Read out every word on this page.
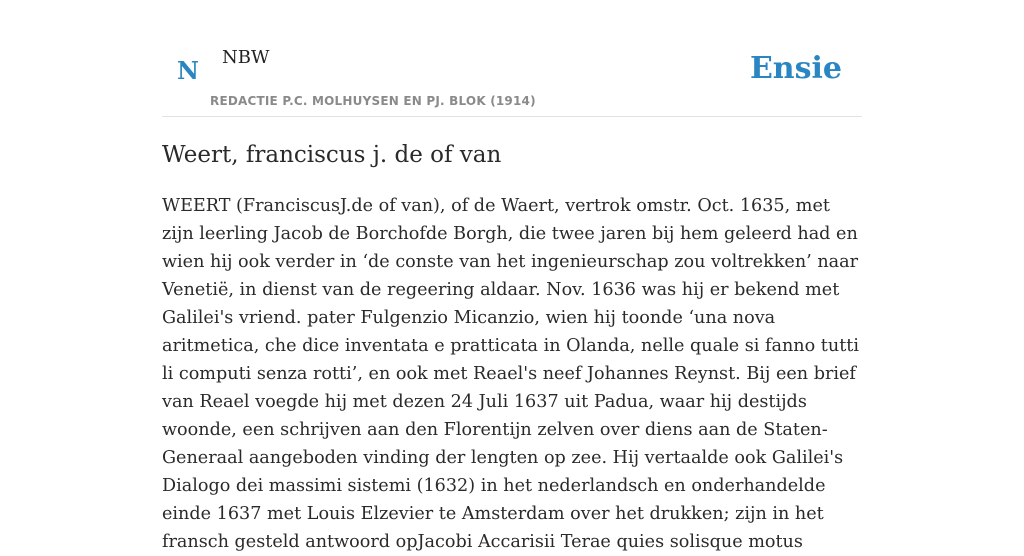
N NBW
REDACTIE P.C. MOLHUYSEN EN PJ. BLOK (1914)
Ensie
Weert, franciscus j. de of van

WEERT (FranciscusJ.de of van), of de Waert, vertrok omstr. Oct. 1635, met zijn leerling Jacob de Borchofde Borgh, die twee jaren bij hem geleerd had en wien hij ook verder in ‘de conste van het ingenieurschap zou voltrekken’ naar Venetië, in dienst van de regeering aldaar. Nov. 1636 was hij er bekend met Galilei's vriend. pater Fulgenzio Micanzio, wien hij toonde ‘una nova aritmetica, che dice inventata e pratticata in Olanda, nelle quale si fanno tutti li computi senza rotti’, en ook met Reael's neef Johannes Reynst. Bij een brief van Reael voegde hij met dezen 24 Juli 1637 uit Padua, waar hij destijds woonde, een schrijven aan den Florentijn zelven over diens aan de Staten-Generaal aangeboden vinding der lengten op zee. Hij vertaalde ook Galilei's Dialogo dei massimi sistemi (1632) in het nederlandsch en onderhandelde einde 1637 met Louis Elzevier te Amsterdam over het drukken; zijn in het fransch gesteld antwoord opJacobi Accarisii Terae quies solisque motus
